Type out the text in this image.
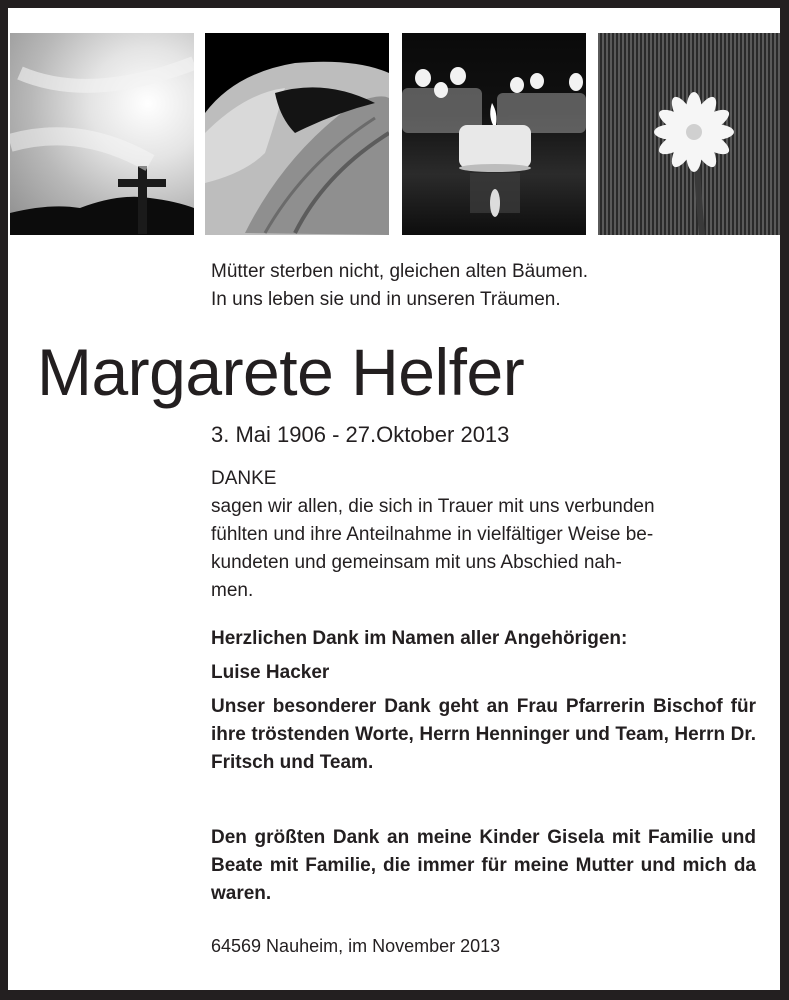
Mütter sterben nicht, gleichen alten Bäumen.
In uns leben sie und in unseren Träumen.
Margarete Helfer
3. Mai 1906 - 27.Oktober 2013
DANKE
sagen wir allen, die sich in Trauer mit uns verbunden
fühlten und ihre Anteilnahme in vielfältiger Weise be-
kundeten und gemeinsam mit uns Abschied nah-
men.
Herzlichen Dank im Namen aller Angehörigen:
Luise Hacker
Unser besonderer Dank geht an Frau Pfarrerin Bischof für ihre tröstenden Worte, Herrn Henninger und Team, Herrn Dr. Fritsch und Team.
Den größten Dank an meine Kinder Gisela mit Familie und Beate mit Familie, die immer für meine Mutter und mich da waren.
64569 Nauheim, im November 2013
